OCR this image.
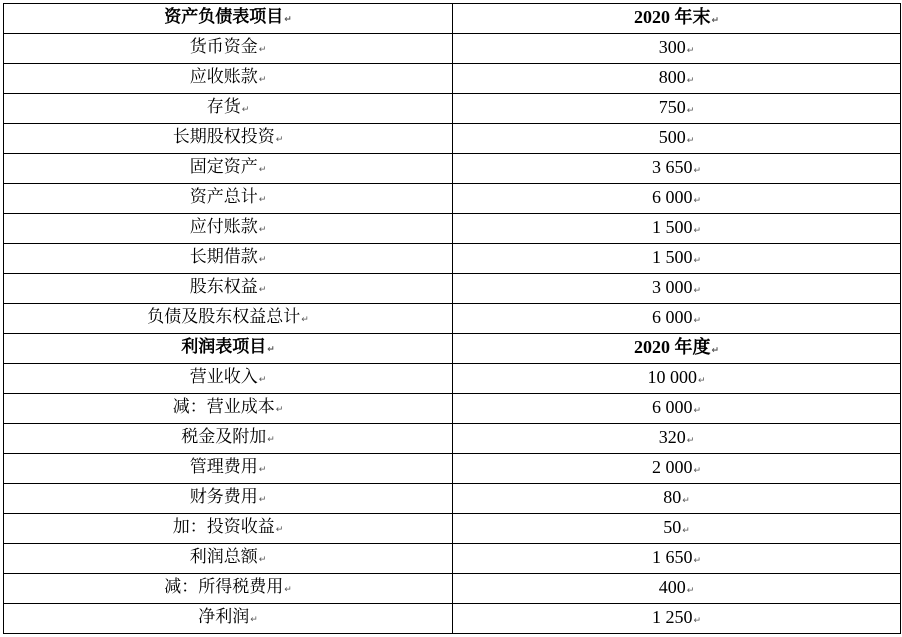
资产负债表项目↵	2020 年末↵
货币资金↵	300↵
应收账款↵	800↵
存货↵	750↵
长期股权投资↵	500↵
固定资产↵	3 650↵
资产总计↵	6 000↵
应付账款↵	1 500↵
长期借款↵	1 500↵
股东权益↵	3 000↵
负债及股东权益总计↵	6 000↵
利润表项目↵	2020 年度↵
营业收入↵	10 000↵
减：营业成本↵	6 000↵
税金及附加↵	320↵
管理费用↵	2 000↵
财务费用↵	80↵
加：投资收益↵	50↵
利润总额↵	1 650↵
减：所得税费用↵	400↵
净利润↵	1 250↵
